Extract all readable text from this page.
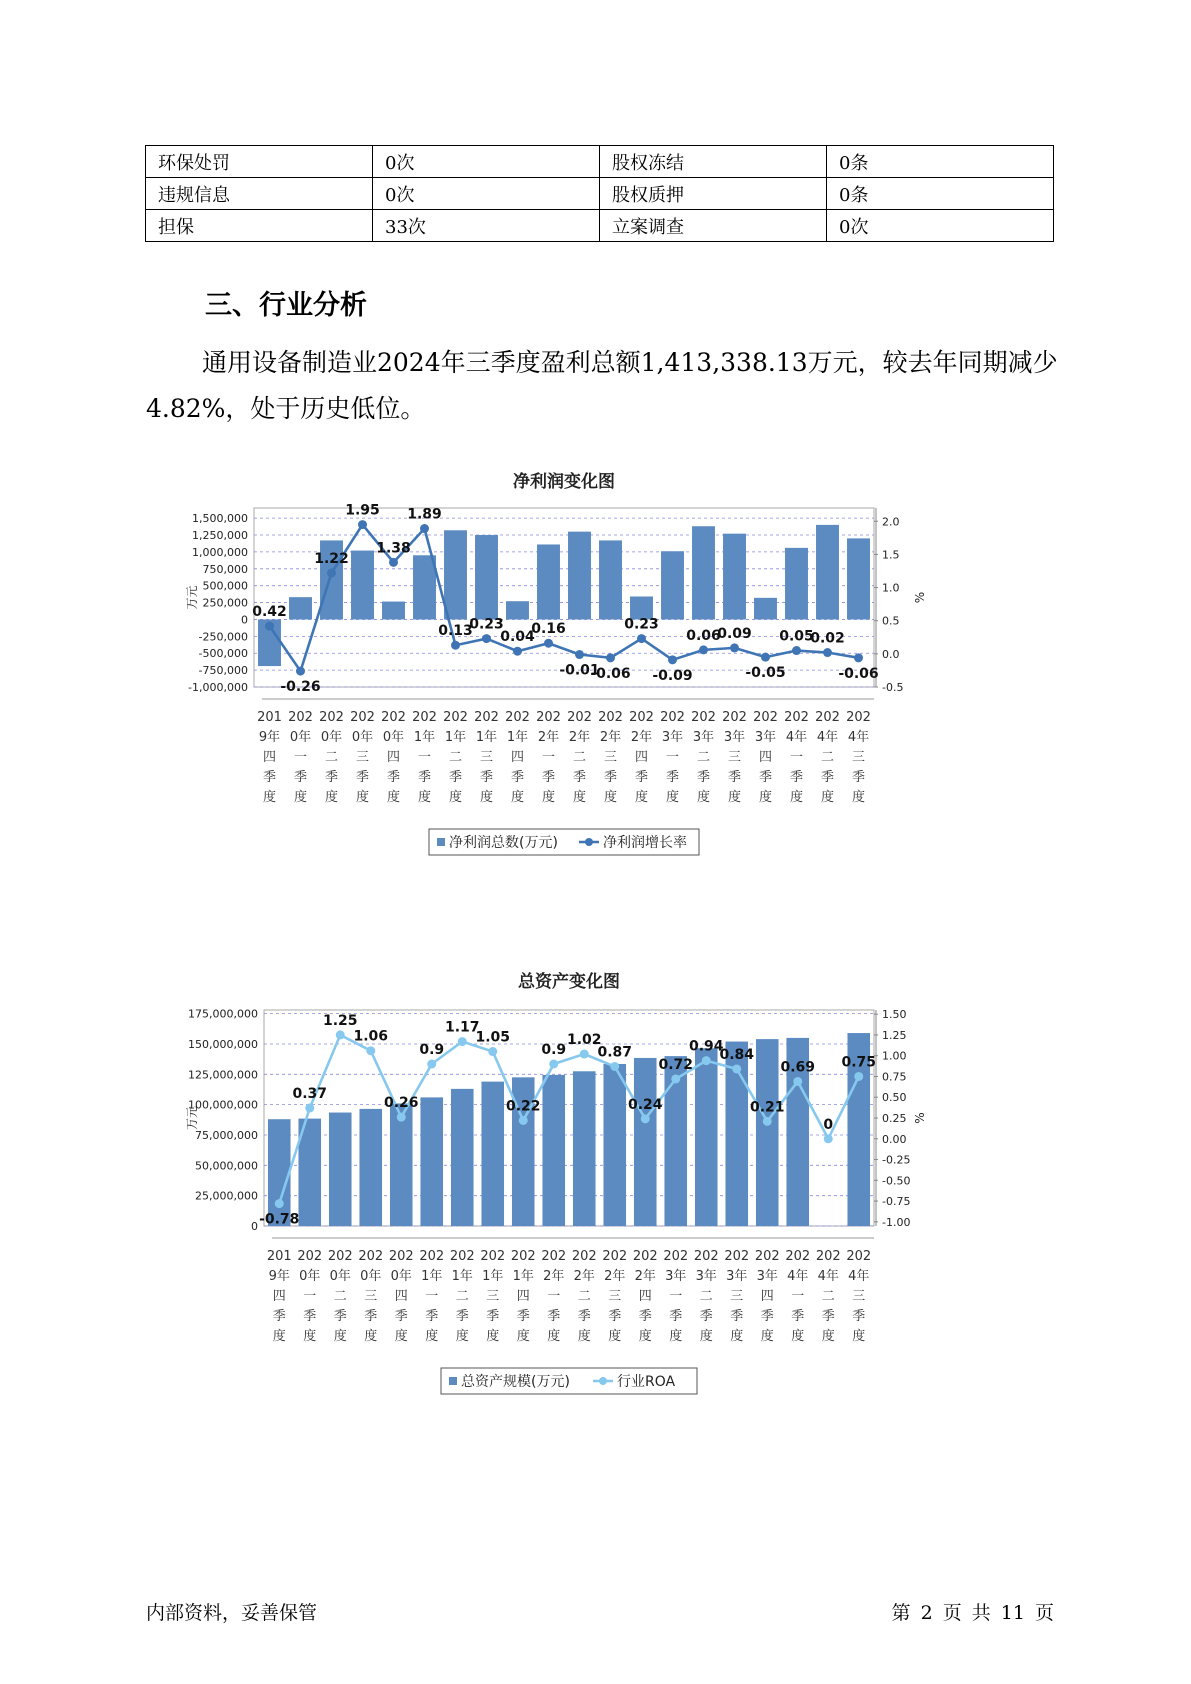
环保处罚	0次	股权冻结	0条
违规信息	0次	股权质押	0条
担保	33次	立案调查	0次
三、行业分析

通用设备制造业2024年三季度盈利总额1,413,338.13万元，较去年同期减少4.82%，处于历史低位。

净利润变化图
-1,000,000
-750,000
-500,000
-250,000
0
250,000
500,000
750,000
1,000,000
1,250,000
1,500,000
-0.5
0.0
0.5
1.0
1.5
2.0
万元	%
0.42
-0.26
1.22
1.95
1.38
1.89
0.13
0.23
0.04
0.16
-0.01
-0.06
0.23
-0.09
0.06
0.09
-0.05
0.05
0.02
-0.06
201
9年
四
季
度
202
0年
一
季
度
202
0年
二
季
度
202
0年
三
季
度
202
0年
四
季
度
202
1年
一
季
度
202
1年
二
季
度
202
1年
三
季
度
202
1年
四
季
度
202
2年
一
季
度
202
2年
二
季
度
202
2年
三
季
度
202
2年
四
季
度
202
3年
一
季
度
202
3年
二
季
度
202
3年
三
季
度
202
3年
四
季
度
202
4年
一
季
度
202
4年
二
季
度
202
4年
三
季
度
净利润总数(万元)	净利润增长率
总资产变化图
0
25,000,000
50,000,000
75,000,000
100,000,000
125,000,000
150,000,000
175,000,000
-1.00
-0.75
-0.50
-0.25
0.00
0.25
0.50
0.75
1.00
1.25
1.50
万元	%
-0.78
0.37
1.25
1.06
0.26
0.9
1.17
1.05
0.22
0.9
1.02
0.87
0.24
0.72
0.94
0.84
0.21
0.69
0
0.75
201
9年
四
季
度
202
0年
一
季
度
202
0年
二
季
度
202
0年
三
季
度
202
0年
四
季
度
202
1年
一
季
度
202
1年
二
季
度
202
1年
三
季
度
202
1年
四
季
度
202
2年
一
季
度
202
2年
二
季
度
202
2年
三
季
度
202
2年
四
季
度
202
3年
一
季
度
202
3年
二
季
度
202
3年
三
季
度
202
3年
四
季
度
202
4年
一
季
度
202
4年
二
季
度
202
4年
三
季
度
总资产规模(万元)	行业ROA
内部资料，妥善保管	第 2 页 共 11 页
